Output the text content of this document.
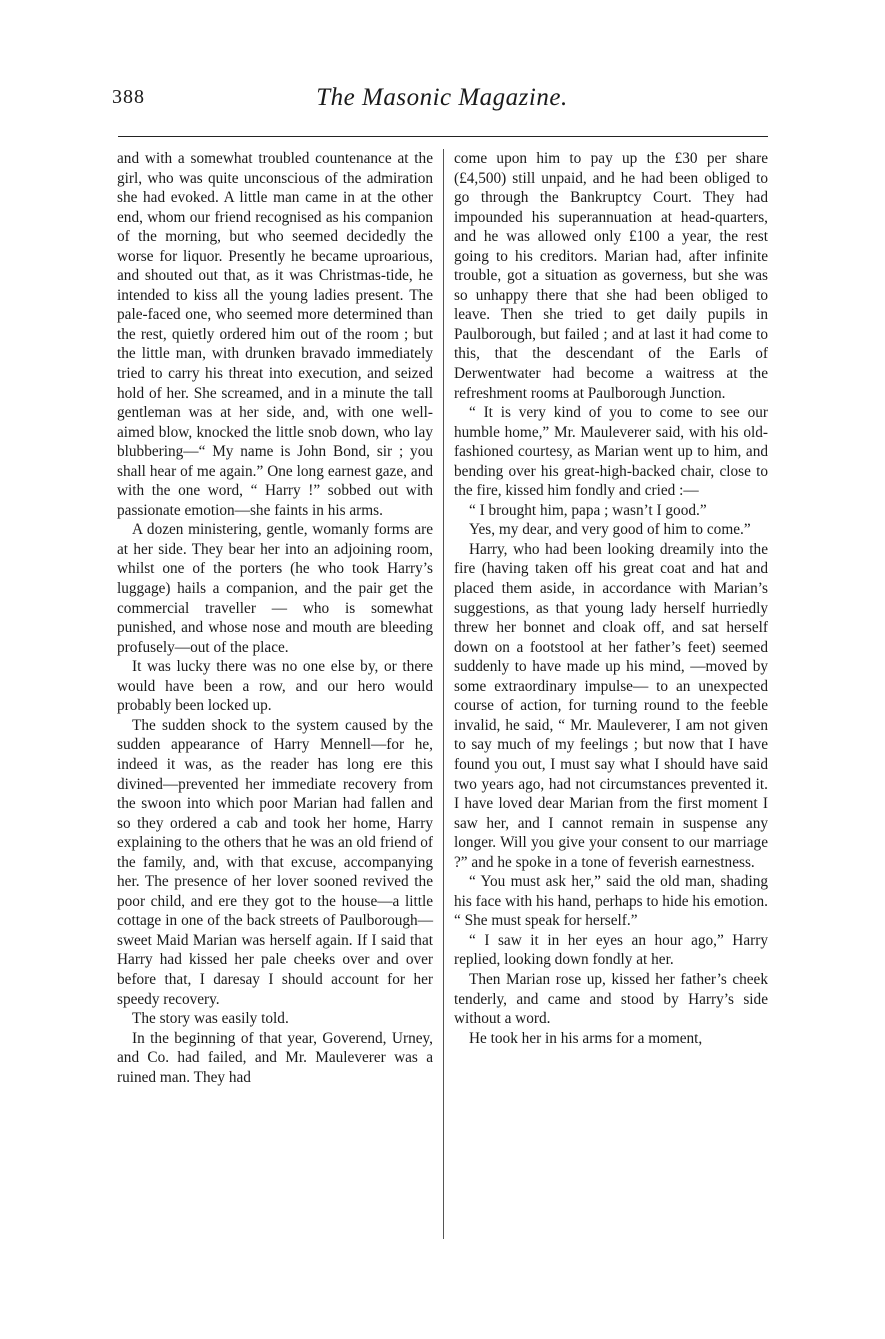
388	The Masonic Magazine.

and with a somewhat troubled countenance at the girl, who was quite unconscious of the admiration she had evoked. A little man came in at the other end, whom our friend recognised as his companion of the morning, but who seemed decidedly the worse for liquor. Presently he became uproarious, and shouted out that, as it was Christmas-tide, he intended to kiss all the young ladies present. The pale-faced one, who seemed more determined than the rest, quietly ordered him out of the room ; but the little man, with drunken bravado immediately tried to carry his threat into execution, and seized hold of her. She screamed, and in a minute the tall gentleman was at her side, and, with one well-aimed blow, knocked the little snob down, who lay blubbering—“ My name is John Bond, sir ; you shall hear of me again.” One long earnest gaze, and with the one word, “ Harry !” sobbed out with passionate emotion—she faints in his arms.

A dozen ministering, gentle, womanly forms are at her side. They bear her into an adjoining room, whilst one of the porters (he who took Harry’s luggage) hails a companion, and the pair get the commercial traveller — who is somewhat punished, and whose nose and mouth are bleeding profusely—out of the place.

It was lucky there was no one else by, or there would have been a row, and our hero would probably been locked up.

The sudden shock to the system caused by the sudden appearance of Harry Mennell—for he, indeed it was, as the reader has long ere this divined—prevented her immediate recovery from the swoon into which poor Marian had fallen and so they ordered a cab and took her home, Harry explaining to the others that he was an old friend of the family, and, with that excuse, accompanying her. The presence of her lover sooned revived the poor child, and ere they got to the house—a little cottage in one of the back streets of Paulborough—sweet Maid Marian was herself again. If I said that Harry had kissed her pale cheeks over and over before that, I daresay I should account for her speedy recovery.

The story was easily told.

In the beginning of that year, Goverend, Urney, and Co. had failed, and Mr. Mauleverer was a ruined man. They had

come upon him to pay up the £30 per share (£4,500) still unpaid, and he had been obliged to go through the Bankruptcy Court. They had impounded his superannuation at head-quarters, and he was allowed only £100 a year, the rest going to his creditors. Marian had, after infinite trouble, got a situation as governess, but she was so unhappy there that she had been obliged to leave. Then she tried to get daily pupils in Paulborough, but failed ; and at last it had come to this, that the descendant of the Earls of Derwentwater had become a waitress at the refreshment rooms at Paulborough Junction.

“ It is very kind of you to come to see our humble home,” Mr. Mauleverer said, with his old-fashioned courtesy, as Marian went up to him, and bending over his great-high-backed chair, close to the fire, kissed him fondly and cried :—

“ I brought him, papa ; wasn’t I good.”

Yes, my dear, and very good of him to come.”

Harry, who had been looking dreamily into the fire (having taken off his great coat and hat and placed them aside, in accordance with Marian’s suggestions, as that young lady herself hurriedly threw her bonnet and cloak off, and sat herself down on a footstool at her father’s feet) seemed suddenly to have made up his mind, —moved by some extraordinary impulse— to an unexpected course of action, for turning round to the feeble invalid, he said, “ Mr. Mauleverer, I am not given to say much of my feelings ; but now that I have found you out, I must say what I should have said two years ago, had not circumstances prevented it. I have loved dear Marian from the first moment I saw her, and I cannot remain in suspense any longer. Will you give your consent to our marriage ?” and he spoke in a tone of feverish earnestness.

“ You must ask her,” said the old man, shading his face with his hand, perhaps to hide his emotion. “ She must speak for herself.”

“ I saw it in her eyes an hour ago,” Harry replied, looking down fondly at her.

Then Marian rose up, kissed her father’s cheek tenderly, and came and stood by Harry’s side without a word.

He took her in his arms for a moment,
